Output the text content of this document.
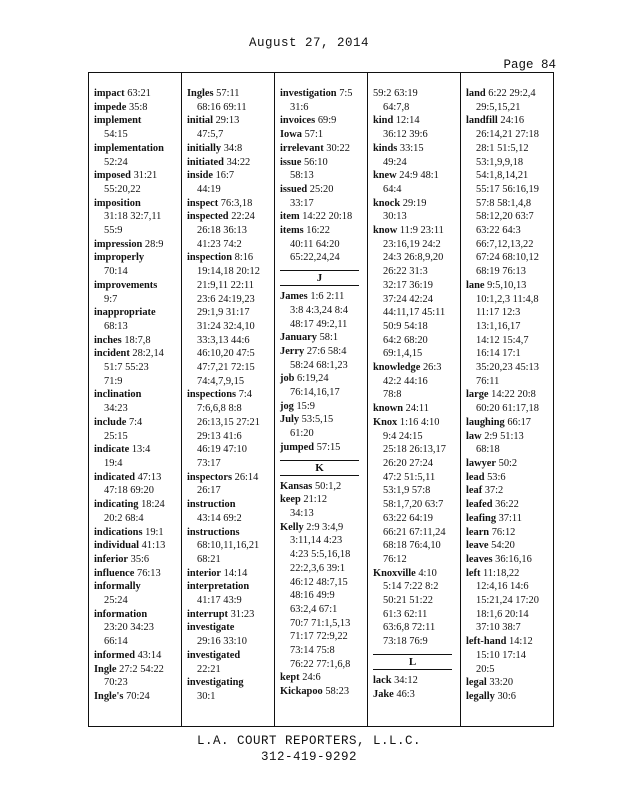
August 27, 2014
Page 84
impact 63:21
impede 35:8
implement
54:15
implementation
52:24
imposed 31:21
55:20,22
imposition
31:18 32:7,11
55:9
impression 28:9
improperly
70:14
improvements
9:7
inappropriate
68:13
inches 18:7,8
incident 28:2,14
51:7 55:23
71:9
inclination
34:23
include 7:4
25:15
indicate 13:4
19:4
indicated 47:13
47:18 69:20
indicating 18:24
20:2 68:4
indications 19:1
individual 41:13
inferior 35:6
influence 76:13
informally
25:24
information
23:20 34:23
66:14
informed 43:14
Ingle 27:2 54:22
70:23
Ingle's 70:24
Ingles 57:11
68:16 69:11
initial 29:13
47:5,7
initially 34:8
initiated 34:22
inside 16:7
44:19
inspect 76:3,18
inspected 22:24
26:18 36:13
41:23 74:2
inspection 8:16
19:14,18 20:12
21:9,11 22:11
23:6 24:19,23
29:1,9 31:17
31:24 32:4,10
33:3,13 44:6
46:10,20 47:5
47:7,21 72:15
74:4,7,9,15
inspections 7:4
7:6,6,8 8:8
26:13,15 27:21
29:13 41:6
46:19 47:10
73:17
inspectors 26:14
26:17
instruction
43:14 69:2
instructions
68:10,11,16,21
68:21
interior 14:14
interpretation
41:17 43:9
interrupt 31:23
investigate
29:16 33:10
investigated
22:21
investigating
30:1
investigation 7:5
31:6
invoices 69:9
Iowa 57:1
irrelevant 30:22
issue 56:10
58:13
issued 25:20
33:17
item 14:22 20:18
items 16:22
40:11 64:20
65:22,24,24
J
James 1:6 2:11
3:8 4:3,24 8:4
48:17 49:2,11
January 58:1
Jerry 27:6 58:4
58:24 68:1,23
job 6:19,24
76:14,16,17
jog 15:9
July 53:5,15
61:20
jumped 57:15
K
Kansas 50:1,2
keep 21:12
34:13
Kelly 2:9 3:4,9
3:11,14 4:23
4:23 5:5,16,18
22:2,3,6 39:1
46:12 48:7,15
48:16 49:9
63:2,4 67:1
70:7 71:1,5,13
71:17 72:9,22
73:14 75:8
76:22 77:1,6,8
kept 24:6
Kickapoo 58:23
59:2 63:19
64:7,8
kind 12:14
36:12 39:6
kinds 33:15
49:24
knew 24:9 48:1
64:4
knock 29:19
30:13
know 11:9 23:11
23:16,19 24:2
24:3 26:8,9,20
26:22 31:3
32:17 36:19
37:24 42:24
44:11,17 45:11
50:9 54:18
64:2 68:20
69:1,4,15
knowledge 26:3
42:2 44:16
78:8
known 24:11
Knox 1:16 4:10
9:4 24:15
25:18 26:13,17
26:20 27:24
47:2 51:5,11
53:1,9 57:8
58:1,7,20 63:7
63:22 64:19
66:21 67:11,24
68:18 76:4,10
76:12
Knoxville 4:10
5:14 7:22 8:2
50:21 51:22
61:3 62:11
63:6,8 72:11
73:18 76:9
L
lack 34:12
Jake 46:3
land 6:22 29:2,4
29:5,15,21
landfill 24:16
26:14,21 27:18
28:1 51:5,12
53:1,9,9,18
54:1,8,14,21
55:17 56:16,19
57:8 58:1,4,8
58:12,20 63:7
63:22 64:3
66:7,12,13,22
67:24 68:10,12
68:19 76:13
lane 9:5,10,13
10:1,2,3 11:4,8
11:17 12:3
13:1,16,17
14:12 15:4,7
16:14 17:1
35:20,23 45:13
76:11
large 14:22 20:8
60:20 61:17,18
laughing 66:17
law 2:9 51:13
68:18
lawyer 50:2
lead 53:6
leaf 37:2
leafed 36:22
leafing 37:11
learn 76:12
leave 54:20
leaves 36:16,16
left 11:18,22
12:4,16 14:6
15:21,24 17:20
18:1,6 20:14
37:10 38:7
left-hand 14:12
15:10 17:14
20:5
legal 33:20
legally 30:6
L.A. COURT REPORTERS, L.L.C.
312-419-9292
